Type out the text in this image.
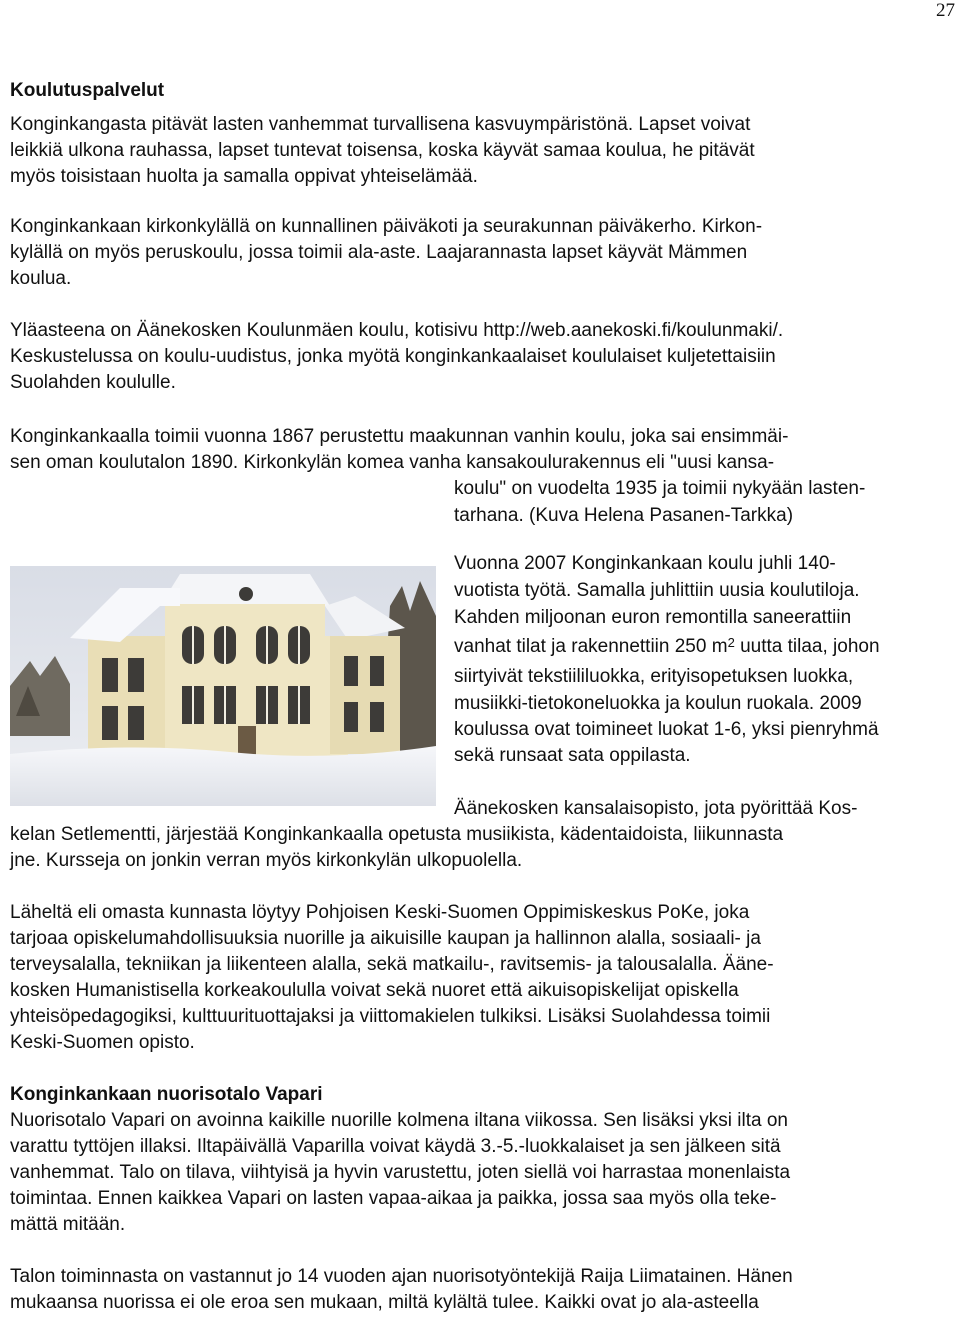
27
Koulutuspalvelut
Konginkangasta pitävät lasten vanhemmat turvallisena kasvuympäristönä. Lapset voivat
leikkiä ulkona rauhassa, lapset tuntevat toisensa, koska käyvät samaa koulua, he pitävät
myös toisistaan huolta ja samalla oppivat yhteiselämää.
Konginkankaan kirkonkylällä on kunnallinen päiväkoti ja seurakunnan päiväkerho. Kirkon-
kylällä on myös peruskoulu, jossa toimii ala-aste. Laajarannasta lapset käyvät Mämmen
koulua.
Yläasteena on Äänekosken Koulunmäen koulu, kotisivu http://web.aanekoski.fi/koulunmaki/.
Keskustelussa on koulu-uudistus, jonka myötä konginkankaalaiset koululaiset kuljetettaisiin
Suolahden koululle.
Konginkankaalla toimii vuonna 1867 perustettu maakunnan vanhin koulu, joka sai ensimmäi-
sen oman koulutalon 1890. Kirkonkylän komea vanha kansakoulurakennus eli "uusi kansa-
koulu" on vuodelta 1935 ja toimii nykyään lasten-
tarhana. (Kuva Helena Pasanen-Tarkka)
Vuonna 2007 Konginkankaan koulu juhli 140-
vuotista työtä. Samalla juhlittiin uusia koulutiloja.
Kahden miljoonan euron remontilla saneerattiin
vanhat tilat ja rakennettiin 250 $m^2$ uutta tilaa, johon
siirtyivät tekstiililuokka, erityisopetuksen luokka,
musiikki-tietokoneluokka ja koulun ruokala. 2009
koulussa ovat toimineet luokat 1-6, yksi pienryhmä
sekä runsaat sata oppilasta.
Äänekosken kansalaisopisto, jota pyörittää Kos-
kelan Setlementti, järjestää Konginkankaalla opetusta musiikista, kädentaidoista, liikunnasta
jne. Kursseja on jonkin verran myös kirkonkylän ulkopuolella.
Läheltä eli omasta kunnasta löytyy Pohjoisen Keski-Suomen Oppimiskeskus PoKe, joka
tarjoaa opiskelumahdollisuuksia nuorille ja aikuisille kaupan ja hallinnon alalla, sosiaali- ja
terveysalalla, tekniikan ja liikenteen alalla, sekä matkailu-, ravitsemis- ja talousalalla. Ääne-
kosken Humanistisella korkeakoululla voivat sekä nuoret että aikuisopiskelijat opiskella
yhteisöpedagogiksi, kulttuurituottajaksi ja viittomakielen tulkiksi. Lisäksi Suolahdessa toimii
Keski-Suomen opisto.
Konginkankaan nuorisotalo Vapari
Nuorisotalo Vapari on avoinna kaikille nuorille kolmena iltana viikossa. Sen lisäksi yksi ilta on
varattu tyttöjen illaksi. Iltapäivällä Vaparilla voivat käydä 3.-5.-luokkalaiset ja sen jälkeen sitä
vanhemmat. Talo on tilava, viihtyisä ja hyvin varustettu, joten siellä voi harrastaa monenlaista
toimintaa. Ennen kaikkea Vapari on lasten vapaa-aikaa ja paikka, jossa saa myös olla teke-
mättä mitään.
Talon toiminnasta on vastannut jo 14 vuoden ajan nuorisotyöntekijä Raija Liimatainen. Hänen
mukaansa nuorissa ei ole eroa sen mukaan, miltä kylältä tulee. Kaikki ovat jo ala-asteella
